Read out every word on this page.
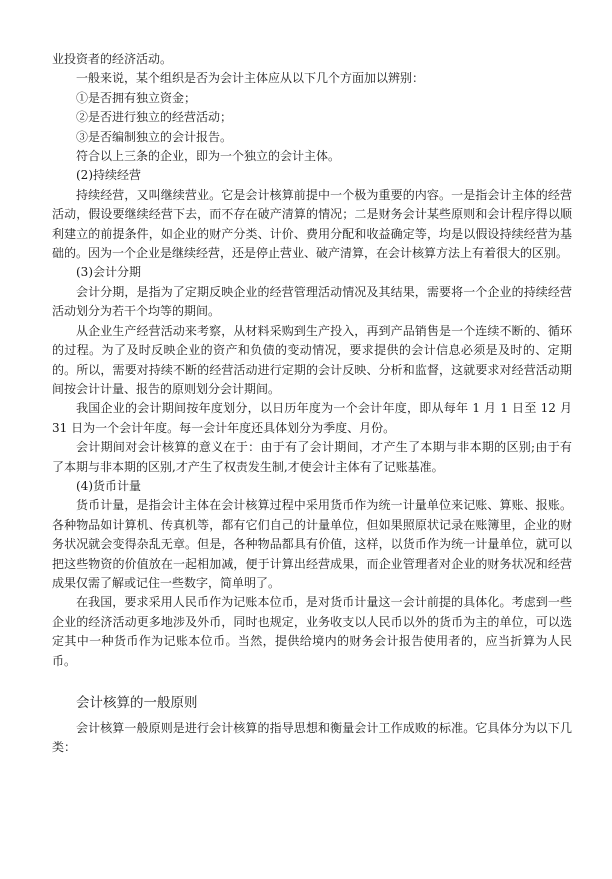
业投资者的经济活动。

一般来说，某个组织是否为会计主体应从以下几个方面加以辨别：

①是否拥有独立资金；

②是否进行独立的经营活动；

③是否编制独立的会计报告。

符合以上三条的企业，即为一个独立的会计主体。

(2)持续经营

持续经营，又叫继续营业。它是会计核算前提中一个极为重要的内容。一是指会计主体的经营活动，假设要继续经营下去，而不存在破产清算的情况；二是财务会计某些原则和会计程序得以顺利建立的前提条件，如企业的财产分类、计价、费用分配和收益确定等，均是以假设持续经营为基础的。因为一个企业是继续经营，还是停止营业、破产清算，在会计核算方法上有着很大的区别。

(3)会计分期

会计分期，是指为了定期反映企业的经营管理活动情况及其结果，需要将一个企业的持续经营活动划分为若干个均等的期间。

从企业生产经营活动来考察，从材料采购到生产投入，再到产品销售是一个连续不断的、循环的过程。为了及时反映企业的资产和负债的变动情况，要求提供的会计信息必须是及时的、定期的。所以，需要对持续不断的经营活动进行定期的会计反映、分析和监督，这就要求对经营活动期间按会计计量、报告的原则划分会计期间。

我国企业的会计期间按年度划分，以日历年度为一个会计年度，即从每年 1 月 1 日至 12 月 31 日为一个会计年度。每一会计年度还具体划分为季度、月份。

会计期间对会计核算的意义在于：由于有了会计期间，才产生了本期与非本期的区别;由于有了本期与非本期的区别,才产生了权责发生制,才使会计主体有了记账基准。

(4)货币计量

货币计量，是指会计主体在会计核算过程中采用货币作为统一计量单位来记账、算账、报账。各种物品如计算机、传真机等，都有它们自己的计量单位，但如果照原状记录在账簿里，企业的财务状况就会变得杂乱无章。但是，各种物品都具有价值，这样，以货币作为统一计量单位，就可以把这些物资的价值放在一起相加减，便于计算出经营成果，而企业管理者对企业的财务状况和经营成果仅需了解或记住一些数字，简单明了。

在我国，要求采用人民币作为记账本位币，是对货币计量这一会计前提的具体化。考虑到一些企业的经济活动更多地涉及外币，同时也规定，业务收支以人民币以外的货币为主的单位，可以选定其中一种货币作为记账本位币。当然，提供给境内的财务会计报告使用者的，应当折算为人民币。

会计核算的一般原则

会计核算一般原则是进行会计核算的指导思想和衡量会计工作成败的标准。它具体分为以下几类：
